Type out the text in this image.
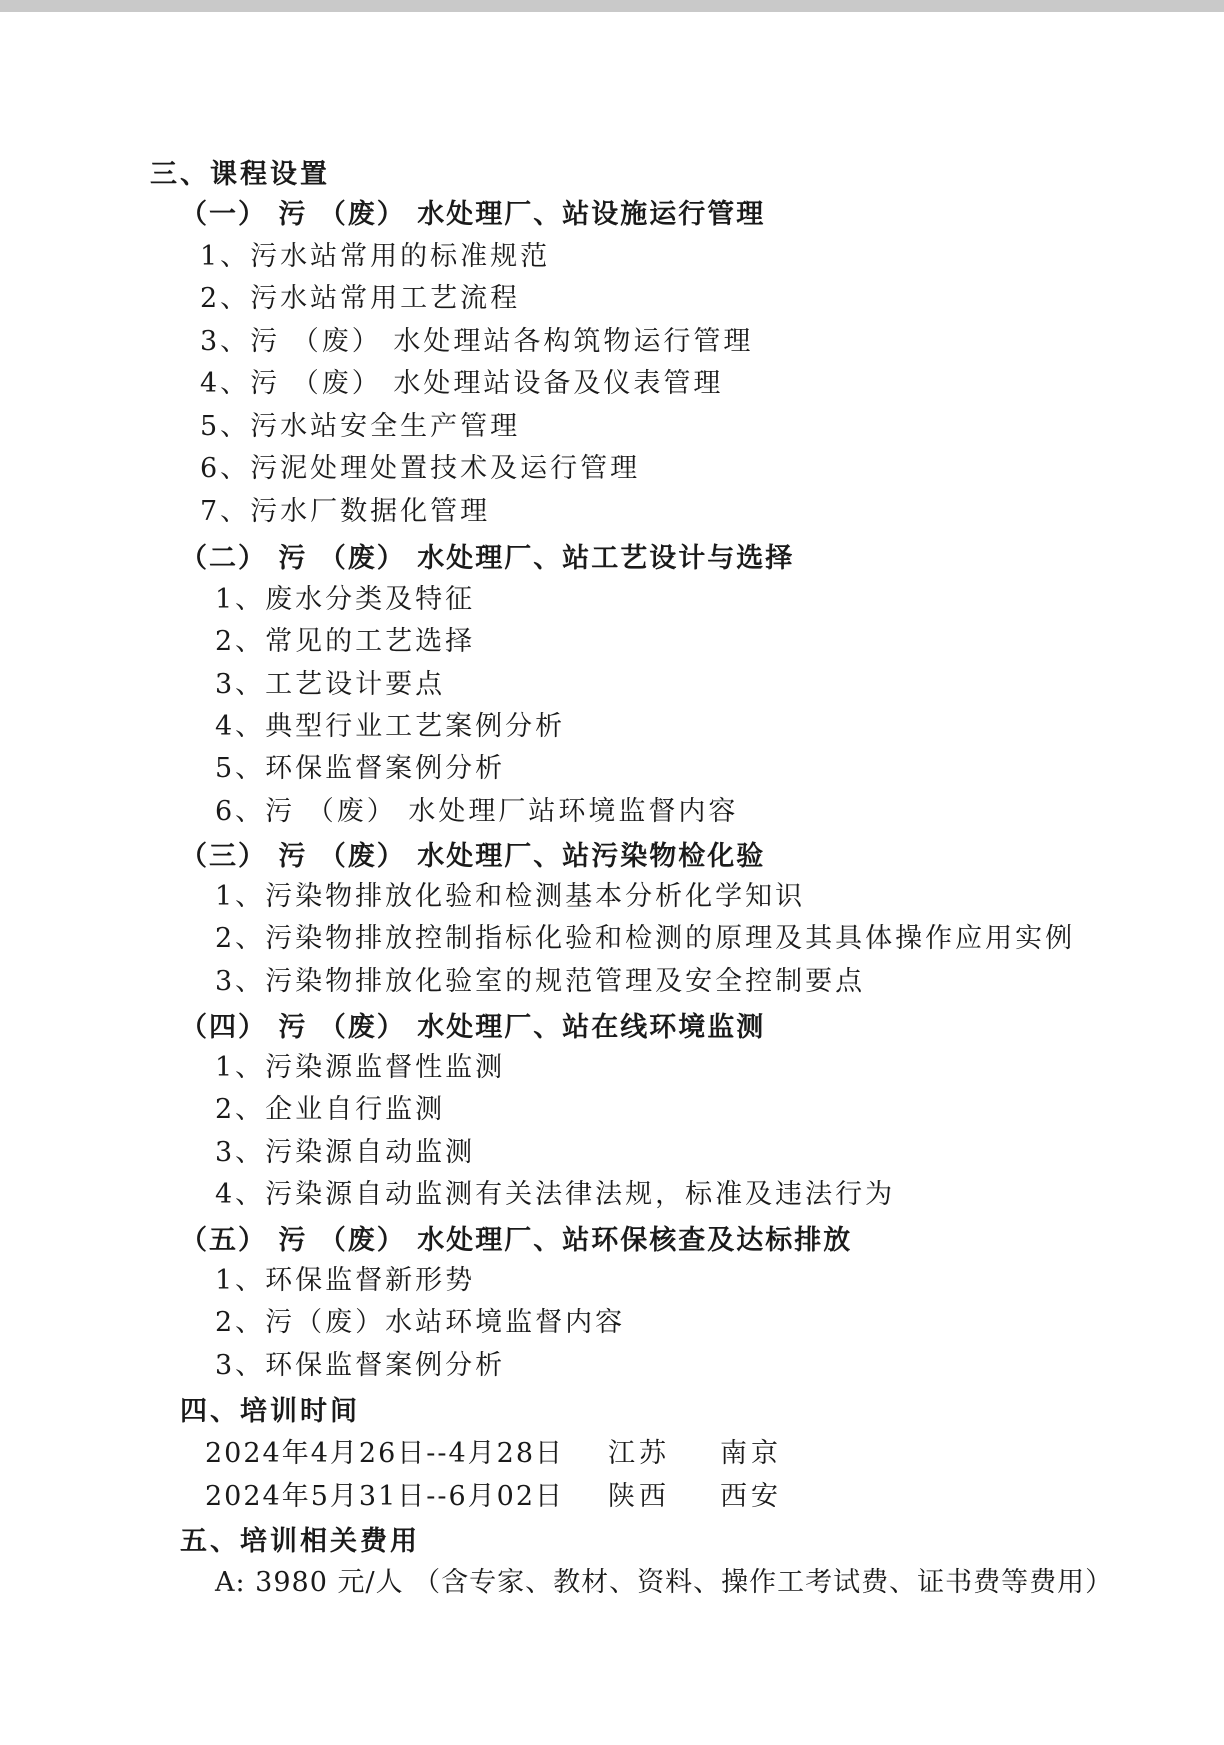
三、课程设置
（一） 污 （废） 水处理厂、站设施运行管理
1、污水站常用的标准规范
2、污水站常用工艺流程
3、污 （废） 水处理站各构筑物运行管理
4、污 （废） 水处理站设备及仪表管理
5、污水站安全生产管理
6、污泥处理处置技术及运行管理
7、污水厂数据化管理
（二） 污 （废） 水处理厂、站工艺设计与选择
1、废水分类及特征
2、常见的工艺选择
3、工艺设计要点
4、典型行业工艺案例分析
5、环保监督案例分析
6、污 （废） 水处理厂站环境监督内容
（三） 污 （废） 水处理厂、站污染物检化验
1、污染物排放化验和检测基本分析化学知识
2、污染物排放控制指标化验和检测的原理及其具体操作应用实例
3、污染物排放化验室的规范管理及安全控制要点
（四） 污 （废） 水处理厂、站在线环境监测
1、污染源监督性监测
2、企业自行监测
3、污染源自动监测
4、污染源自动监测有关法律法规，标准及违法行为
（五） 污 （废） 水处理厂、站环保核查及达标排放
1、环保监督新形势
2、污（废）水站环境监督内容
3、环保监督案例分析
四、培训时间
2024年4月26日--4月28日 江苏 南京
2024年5月31日--6月02日 陕西 西安
五、培训相关费用
A: 3980 元/人 （含专家、教材、资料、操作工考试费、证书费等费用）
